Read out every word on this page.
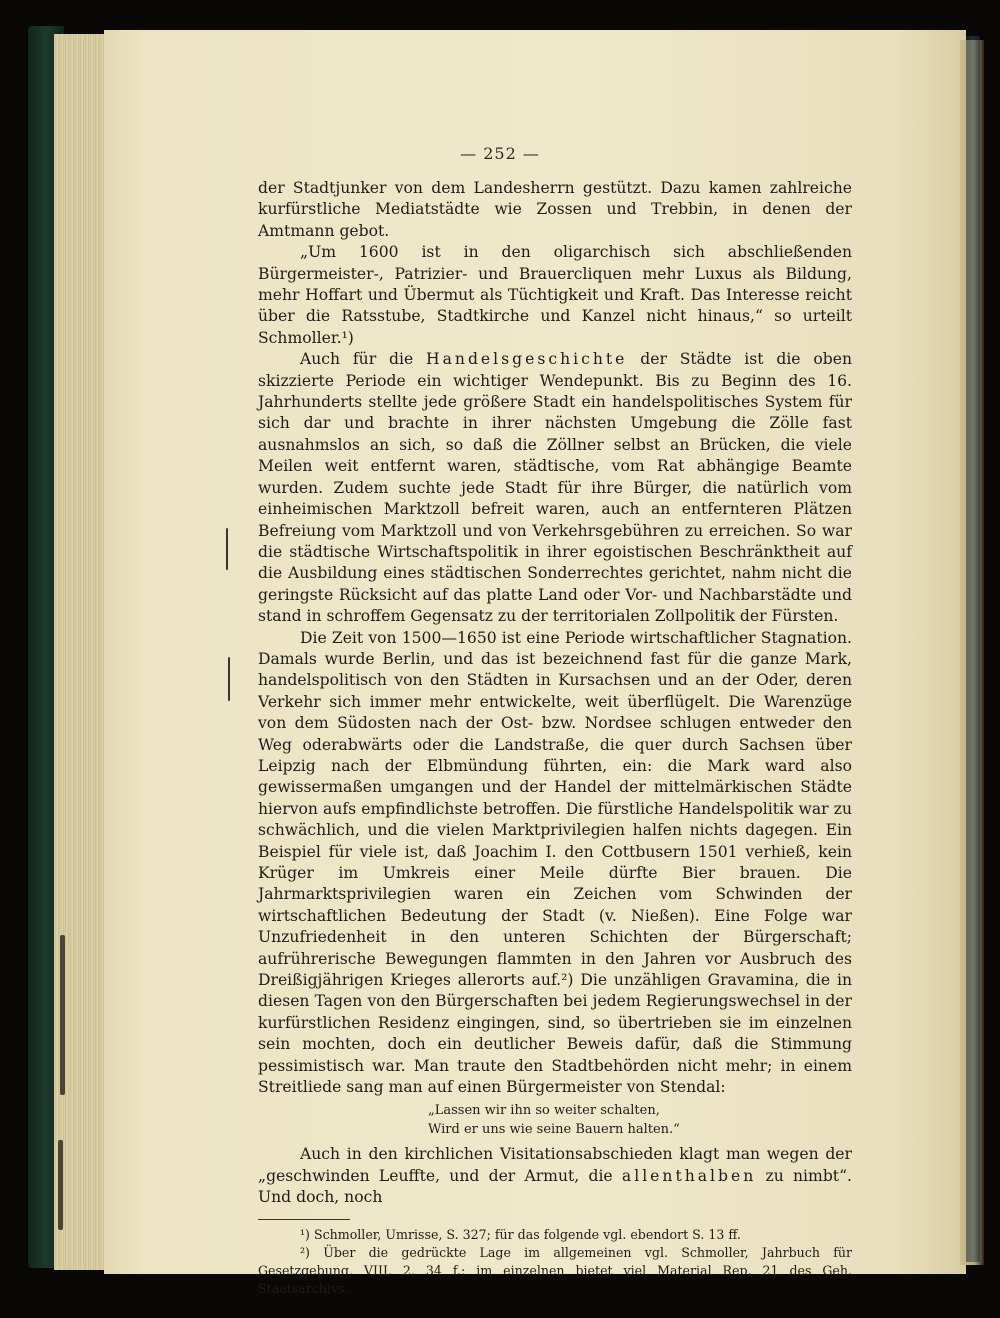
— 252 —

der Stadtjunker von dem Landesherrn gestützt. Dazu kamen zahlreiche kurfürstliche Mediatstädte wie Zossen und Trebbin, in denen der Amtmann gebot.

„Um 1600 ist in den oligarchisch sich abschließenden Bürgermeister-, Patrizier- und Brauercliquen mehr Luxus als Bildung, mehr Hoffart und Übermut als Tüchtigkeit und Kraft. Das Interesse reicht über die Ratsstube, Stadtkirche und Kanzel nicht hinaus,“ so urteilt Schmoller.¹)

Auch für die Handelsgeschichte der Städte ist die oben skizzierte Periode ein wichtiger Wendepunkt. Bis zu Beginn des 16. Jahrhunderts stellte jede größere Stadt ein handelspolitisches System für sich dar und brachte in ihrer nächsten Umgebung die Zölle fast ausnahmslos an sich, so daß die Zöllner selbst an Brücken, die viele Meilen weit entfernt waren, städtische, vom Rat abhängige Beamte wurden. Zudem suchte jede Stadt für ihre Bürger, die natürlich vom einheimischen Marktzoll befreit waren, auch an entfernteren Plätzen Befreiung vom Marktzoll und von Verkehrsgebühren zu erreichen. So war die städtische Wirtschaftspolitik in ihrer egoistischen Beschränktheit auf die Ausbildung eines städtischen Sonderrechtes gerichtet, nahm nicht die geringste Rücksicht auf das platte Land oder Vor- und Nachbarstädte und stand in schroffem Gegensatz zu der territorialen Zollpolitik der Fürsten.

Die Zeit von 1500—1650 ist eine Periode wirtschaftlicher Stagnation. Damals wurde Berlin, und das ist bezeichnend fast für die ganze Mark, handelspolitisch von den Städten in Kursachsen und an der Oder, deren Verkehr sich immer mehr entwickelte, weit überflügelt. Die Warenzüge von dem Südosten nach der Ost- bzw. Nordsee schlugen entweder den Weg oderabwärts oder die Landstraße, die quer durch Sachsen über Leipzig nach der Elbmündung führten, ein: die Mark ward also gewissermaßen umgangen und der Handel der mittelmärkischen Städte hiervon aufs empfindlichste betroffen. Die fürstliche Handelspolitik war zu schwächlich, und die vielen Marktprivilegien halfen nichts dagegen. Ein Beispiel für viele ist, daß Joachim I. den Cottbusern 1501 verhieß, kein Krüger im Umkreis einer Meile dürfte Bier brauen. Die Jahrmarktsprivilegien waren ein Zeichen vom Schwinden der wirtschaftlichen Bedeutung der Stadt (v. Nießen). Eine Folge war Unzufriedenheit in den unteren Schichten der Bürgerschaft; aufrührerische Bewegungen flammten in den Jahren vor Ausbruch des Dreißigjährigen Krieges allerorts auf.²) Die unzähligen Gravamina, die in diesen Tagen von den Bürgerschaften bei jedem Regierungswechsel in der kurfürstlichen Residenz eingingen, sind, so übertrieben sie im einzelnen sein mochten, doch ein deutlicher Beweis dafür, daß die Stimmung pessimistisch war. Man traute den Stadtbehörden nicht mehr; in einem Streitliede sang man auf einen Bürgermeister von Stendal:

„Lassen wir ihn so weiter schalten,
Wird er uns wie seine Bauern halten.“

Auch in den kirchlichen Visitationsabschieden klagt man wegen der „geschwinden Leuffte, und der Armut, die allenthalben zu nimbt“. Und doch, noch

¹) Schmoller, Umrisse, S. 327; für das folgende vgl. ebendort S. 13 ff.

²) Über die gedrückte Lage im allgemeinen vgl. Schmoller, Jahrbuch für Gesetzgebung, VIII, 2, 34 f.; im einzelnen bietet viel Material Rep. 21 des Geh. Staatsarchivs.
